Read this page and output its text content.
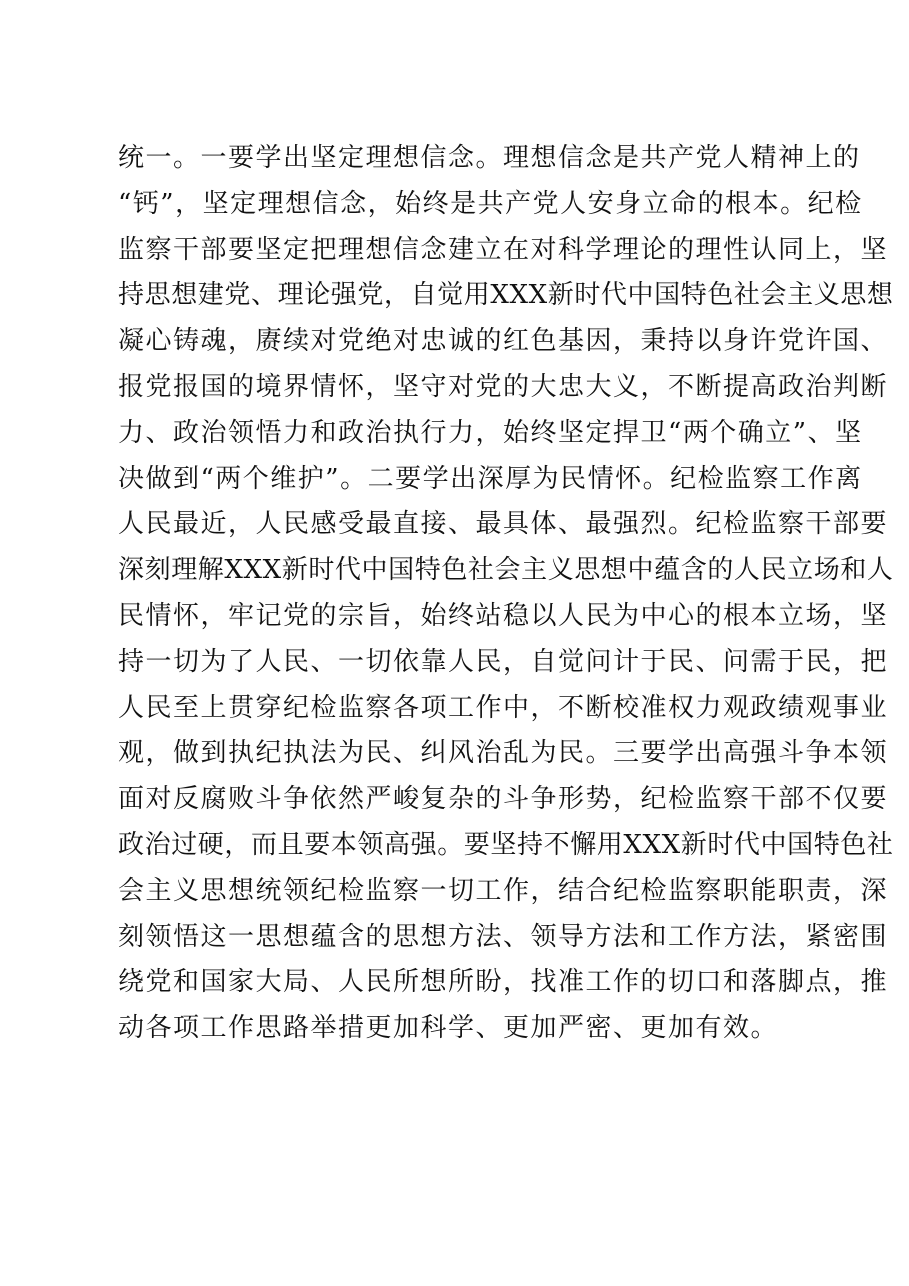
统一。一要学出坚定理想信念。理想信念是共产党人精神上的
“钙”，坚定理想信念，始终是共产党人安身立命的根本。纪检
监察干部要坚定把理想信念建立在对科学理论的理性认同上，坚
持思想建党、理论强党，自觉用XXX新时代中国特色社会主义思想
凝心铸魂，赓续对党绝对忠诚的红色基因，秉持以身许党许国、
报党报国的境界情怀，坚守对党的大忠大义，不断提高政治判断
力、政治领悟力和政治执行力，始终坚定捍卫“两个确立”、坚
决做到“两个维护”。二要学出深厚为民情怀。纪检监察工作离
人民最近，人民感受最直接、最具体、最强烈。纪检监察干部要
深刻理解XXX新时代中国特色社会主义思想中蕴含的人民立场和人
民情怀，牢记党的宗旨，始终站稳以人民为中心的根本立场，坚
持一切为了人民、一切依靠人民，自觉问计于民、问需于民，把
人民至上贯穿纪检监察各项工作中，不断校准权力观政绩观事业
观，做到执纪执法为民、纠风治乱为民。三要学出高强斗争本领
面对反腐败斗争依然严峻复杂的斗争形势，纪检监察干部不仅要
政治过硬，而且要本领高强。要坚持不懈用XXX新时代中国特色社
会主义思想统领纪检监察一切工作，结合纪检监察职能职责，深
刻领悟这一思想蕴含的思想方法、领导方法和工作方法，紧密围
绕党和国家大局、人民所想所盼，找准工作的切口和落脚点，推
动各项工作思路举措更加科学、更加严密、更加有效。
